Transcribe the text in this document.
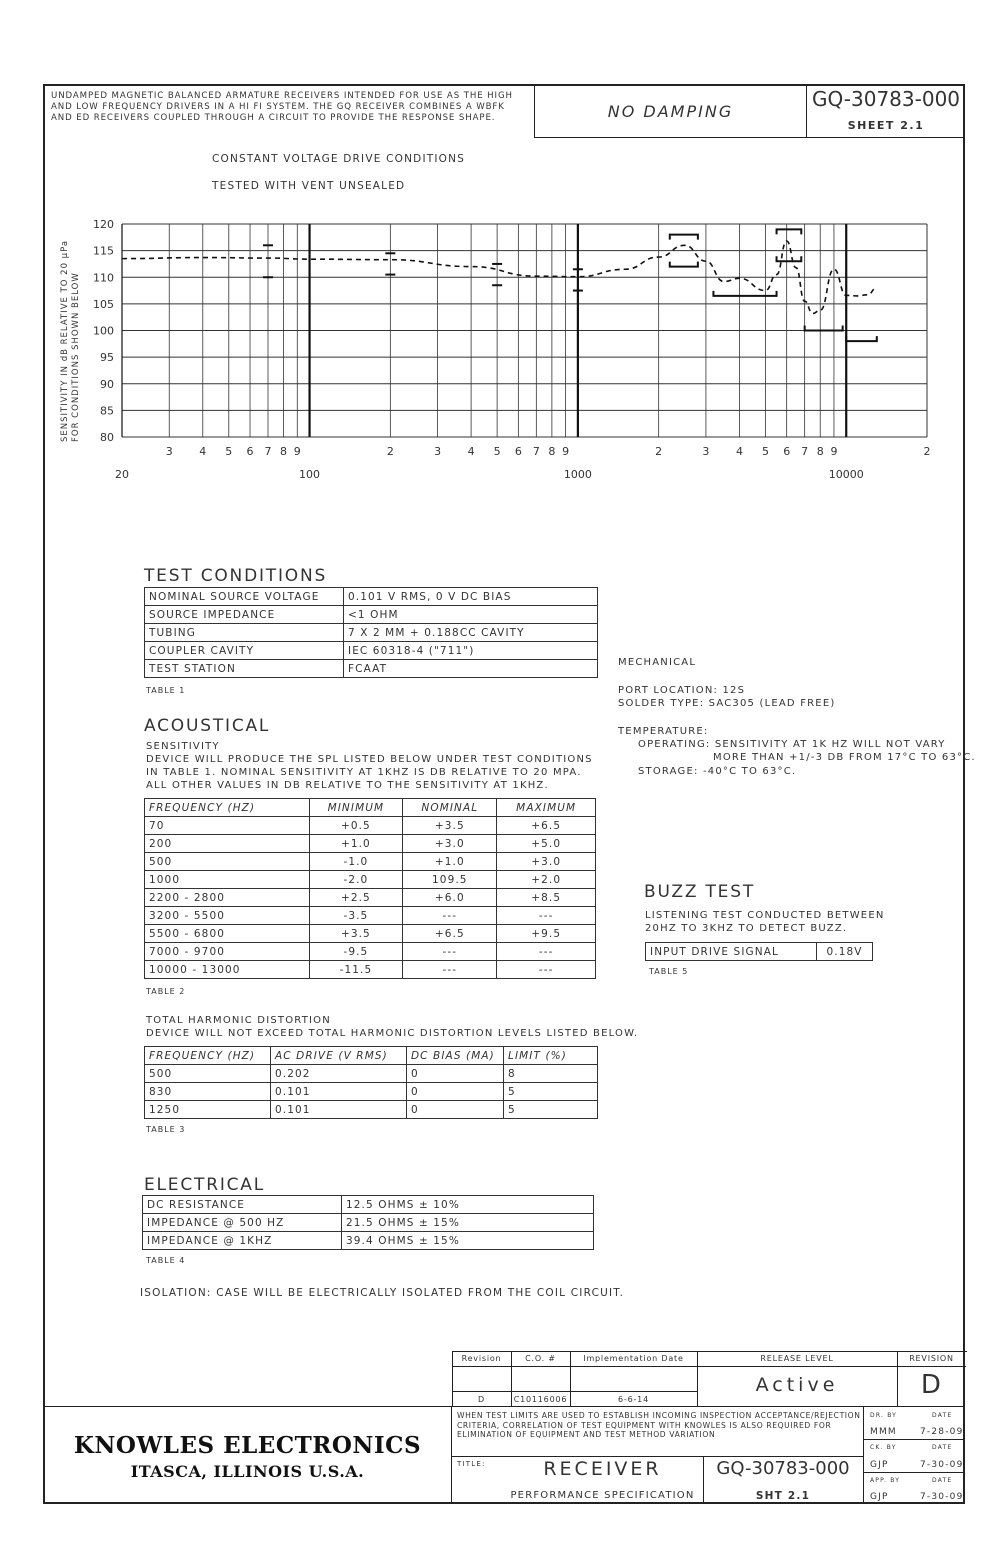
UNDAMPED MAGNETIC BALANCED ARMATURE RECEIVERS INTENDED FOR USE AS THE HIGH AND LOW FREQUENCY DRIVERS IN A HI FI SYSTEM. THE GQ RECEIVER COMBINES A WBFK AND ED RECEIVERS COUPLED THROUGH A CIRCUIT TO PROVIDE THE RESPONSE SHAPE.	NO DAMPING
GQ-30783-000
SHEET 2.1
CONSTANT VOLTAGE DRIVE CONDITIONS
TESTED WITH VENT UNSEALED
120
115
110
105
100
95
90
85
80
3 4 5 6 7 8 9	2	3 4 5 6 7 8 9	2	3 4 5 6 7 8 9	2
20	100	1000	10000
SENSITIVITY IN dB RELATIVE TO 20 µPa FOR CONDITIONS SHOWN BELOW
TEST CONDITIONS
NOMINAL SOURCE VOLTAGE	0.101 V RMS, 0 V DC BIAS
SOURCE IMPEDANCE	<1 OHM
TUBING	7 X 2 MM + 0.188CC CAVITY
COUPLER CAVITY	IEC 60318-4 ("711")
TEST STATION	FCAAT
TABLE 1
MECHANICAL
PORT LOCATION: 12S
SOLDER TYPE: SAC305 (LEAD FREE)
TEMPERATURE:
OPERATING: SENSITIVITY AT 1K HZ WILL NOT VARY
MORE THAN +1/-3 DB FROM 17°C TO 63°C.
STORAGE: -40°C TO 63°C.
ACOUSTICAL
SENSITIVITY
DEVICE WILL PRODUCE THE SPL LISTED BELOW UNDER TEST CONDITIONS
IN TABLE 1. NOMINAL SENSITIVITY AT 1KHZ IS DB RELATIVE TO 20 ΜPA.
ALL OTHER VALUES IN DB RELATIVE TO THE SENSITIVITY AT 1KHZ.
FREQUENCY (HZ)	MINIMUM	NOMINAL	MAXIMUM
70	+0.5	+3.5	+6.5
200	+1.0	+3.0	+5.0
500	-1.0	+1.0	+3.0
1000	-2.0	109.5	+2.0
2200 - 2800	+2.5	+6.0	+8.5
3200 - 5500	-3.5	---	---
5500 - 6800	+3.5	+6.5	+9.5
7000 - 9700	-9.5	---	---
10000 - 13000	-11.5	---	---
TABLE 2
BUZZ TEST
LISTENING TEST CONDUCTED BETWEEN
20HZ TO 3KHZ TO DETECT BUZZ.
INPUT DRIVE SIGNAL	0.18V
TABLE 5
TOTAL HARMONIC DISTORTION
DEVICE WILL NOT EXCEED TOTAL HARMONIC DISTORTION LEVELS LISTED BELOW.
FREQUENCY (HZ)	AC DRIVE (V RMS)	DC BIAS (MA)	LIMIT (%)
500	0.202	0	8
830	0.101	0	5
1250	0.101	0	5
TABLE 3
ELECTRICAL
DC RESISTANCE	12.5 OHMS ± 10%
IMPEDANCE @ 500 HZ	21.5 OHMS ± 15%
IMPEDANCE @ 1KHZ	39.4 OHMS ± 15%
TABLE 4
ISOLATION: CASE WILL BE ELECTRICALLY ISOLATED FROM THE COIL CIRCUIT.
Revision	C.O. #	Implementation Date
D	C10116006	6-6-14
RELEASE LEVEL
Active
REVISION
D
KNOWLES ELECTRONICS
ITASCA, ILLINOIS U.S.A.
WHEN TEST LIMITS ARE USED TO ESTABLISH INCOMING INSPECTION ACCEPTANCE/REJECTION CRITERIA, CORRELATION OF TEST EQUIPMENT WITH KNOWLES IS ALSO REQUIRED FOR ELIMINATION OF EQUIPMENT AND TEST METHOD VARIATION
TITLE:	RECEIVER
PERFORMANCE SPECIFICATION
GQ-30783-000
SHT 2.1
DR. BY	DATE
MMM	7-28-09
CK. BY	DATE
GJP	7-30-09
APP. BY	DATE
GJP	7-30-09
